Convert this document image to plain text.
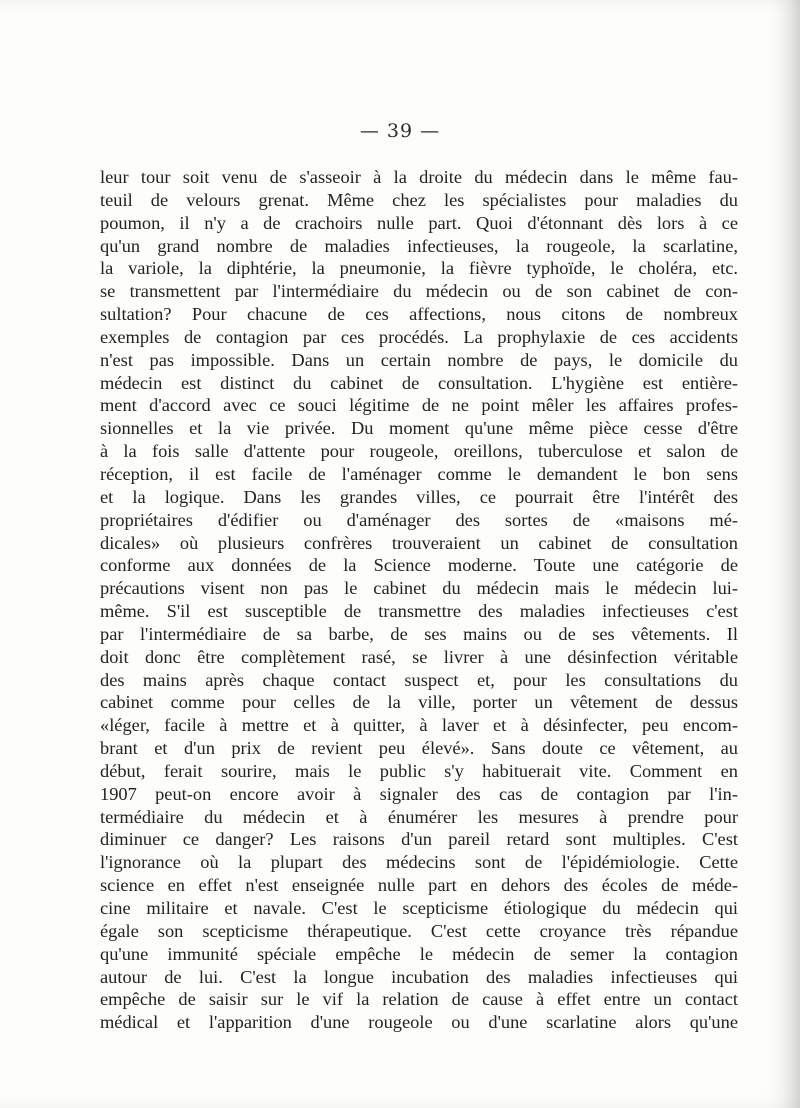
— 39 —
leur tour soit venu de s'asseoir à la droite du médecin dans le même fau-
teuil de velours grenat. Même chez les spécialistes pour maladies du
poumon, il n'y a de crachoirs nulle part. Quoi d'étonnant dès lors à ce
qu'un grand nombre de maladies infectieuses, la rougeole, la scarlatine,
la variole, la diphtérie, la pneumonie, la fièvre typhoïde, le choléra, etc.
se transmettent par l'intermédiaire du médecin ou de son cabinet de con-
sultation? Pour chacune de ces affections, nous citons de nombreux
exemples de contagion par ces procédés. La prophylaxie de ces accidents
n'est pas impossible. Dans un certain nombre de pays, le domicile du
médecin est distinct du cabinet de consultation. L'hygiène est entière-
ment d'accord avec ce souci légitime de ne point mêler les affaires profes-
sionnelles et la vie privée. Du moment qu'une même pièce cesse d'être
à la fois salle d'attente pour rougeole, oreillons, tuberculose et salon de
réception, il est facile de l'aménager comme le demandent le bon sens
et la logique. Dans les grandes villes, ce pourrait être l'intérêt des
propriétaires d'édifier ou d'aménager des sortes de «maisons mé-
dicales» où plusieurs confrères trouveraient un cabinet de consultation
conforme aux données de la Science moderne. Toute une catégorie de
précautions visent non pas le cabinet du médecin mais le médecin lui-
même. S'il est susceptible de transmettre des maladies infectieuses c'est
par l'intermédiaire de sa barbe, de ses mains ou de ses vêtements. Il
doit donc être complètement rasé, se livrer à une désinfection véritable
des mains après chaque contact suspect et, pour les consultations du
cabinet comme pour celles de la ville, porter un vêtement de dessus
«léger, facile à mettre et à quitter, à laver et à désinfecter, peu encom-
brant et d'un prix de revient peu élevé». Sans doute ce vêtement, au
début, ferait sourire, mais le public s'y habituerait vite. Comment en
1907 peut-on encore avoir à signaler des cas de contagion par l'in-
termédiaire du médecin et à énumérer les mesures à prendre pour
diminuer ce danger? Les raisons d'un pareil retard sont multiples. C'est
l'ignorance où la plupart des médecins sont de l'épidémiologie. Cette
science en effet n'est enseignée nulle part en dehors des écoles de méde-
cine militaire et navale. C'est le scepticisme étiologique du médecin qui
égale son scepticisme thérapeutique. C'est cette croyance très répandue
qu'une immunité spéciale empêche le médecin de semer la contagion
autour de lui. C'est la longue incubation des maladies infectieuses qui
empêche de saisir sur le vif la relation de cause à effet entre un contact
médical et l'apparition d'une rougeole ou d'une scarlatine alors qu'une
